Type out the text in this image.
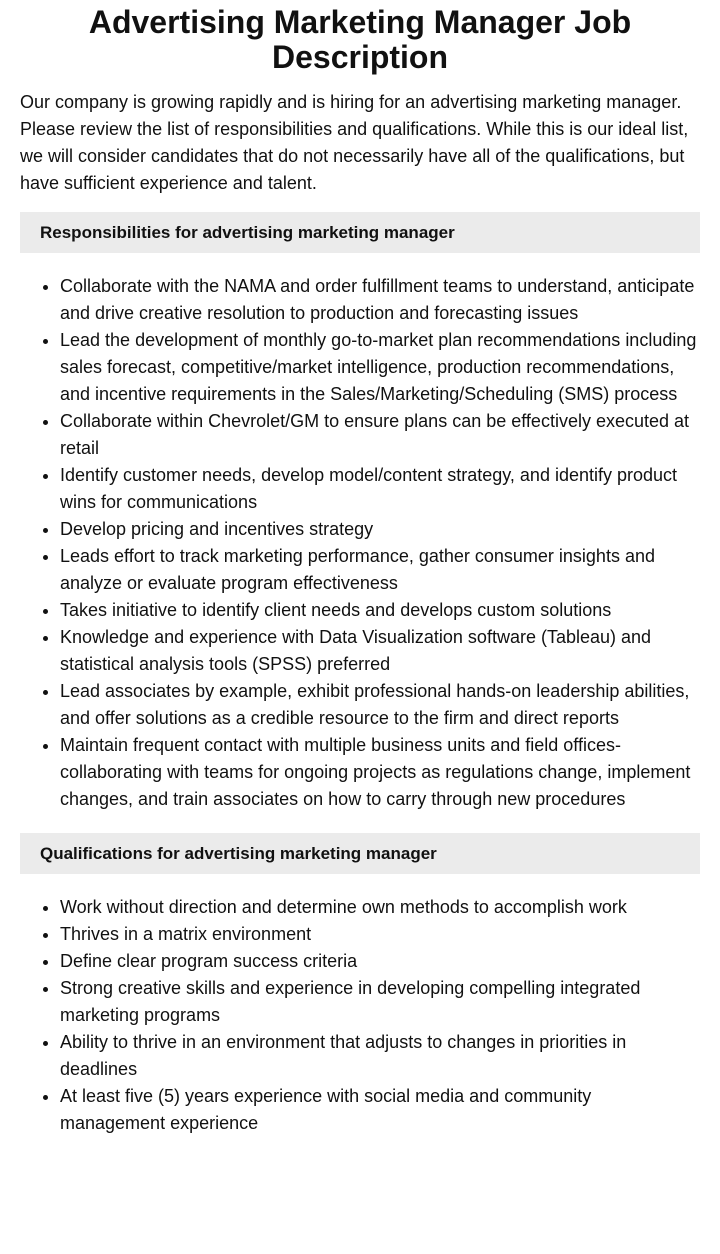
Advertising Marketing Manager Job Description

Our company is growing rapidly and is hiring for an advertising marketing manager. Please review the list of responsibilities and qualifications. While this is our ideal list, we will consider candidates that do not necessarily have all of the qualifications, but have sufficient experience and talent.

Responsibilities for advertising marketing manager
• Collaborate with the NAMA and order fulfillment teams to understand, anticipate and drive creative resolution to production and forecasting issues
• Lead the development of monthly go-to-market plan recommendations including sales forecast, competitive/market intelligence, production recommendations, and incentive requirements in the Sales/Marketing/Scheduling (SMS) process
• Collaborate within Chevrolet/GM to ensure plans can be effectively executed at retail
• Identify customer needs, develop model/content strategy, and identify product wins for communications
• Develop pricing and incentives strategy
• Leads effort to track marketing performance, gather consumer insights and analyze or evaluate program effectiveness
• Takes initiative to identify client needs and develops custom solutions
• Knowledge and experience with Data Visualization software (Tableau) and statistical analysis tools (SPSS) preferred
• Lead associates by example, exhibit professional hands-on leadership abilities, and offer solutions as a credible resource to the firm and direct reports
• Maintain frequent contact with multiple business units and field offices-collaborating with teams for ongoing projects as regulations change, implement changes, and train associates on how to carry through new procedures
Qualifications for advertising marketing manager
• Work without direction and determine own methods to accomplish work
• Thrives in a matrix environment
• Define clear program success criteria
• Strong creative skills and experience in developing compelling integrated marketing programs
• Ability to thrive in an environment that adjusts to changes in priorities in deadlines
• At least five (5) years experience with social media and community management experience
